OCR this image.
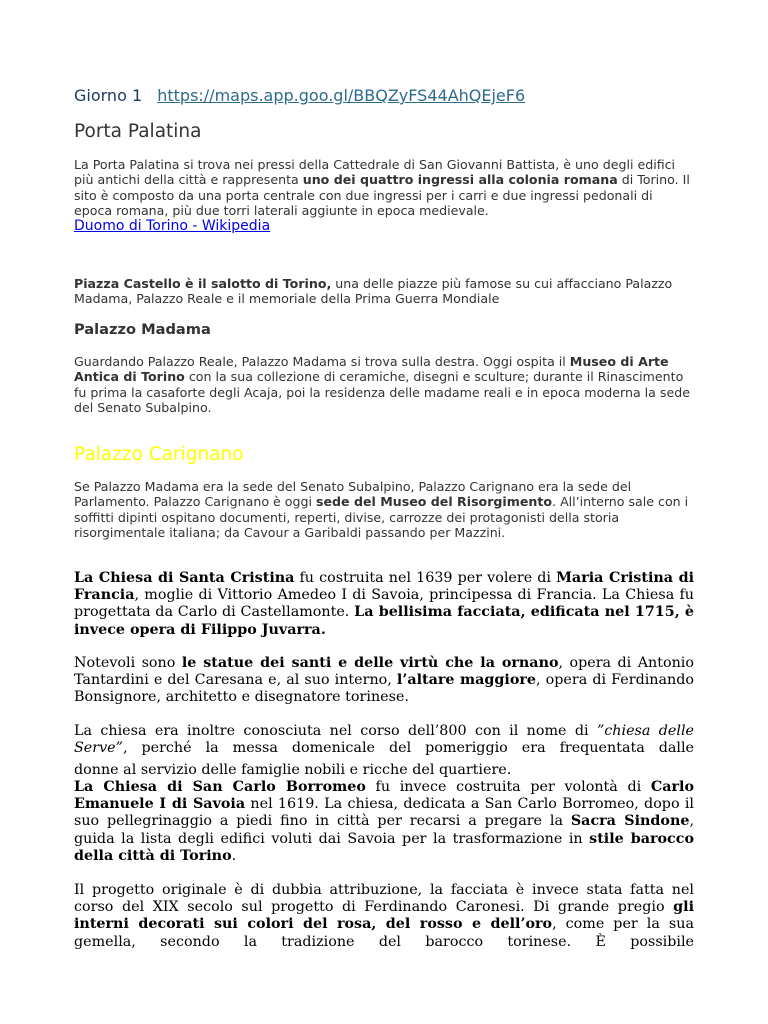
Giorno 1 https://maps.app.goo.gl/BBQZyFS44AhQEjeF6
Porta Palatina

La Porta Palatina si trova nei pressi della Cattedrale di San Giovanni Battista, è uno degli edifici più antichi della città e rappresenta uno dei quattro ingressi alla colonia romana di Torino. Il sito è composto da una porta centrale con due ingressi per i carri e due ingressi pedonali di epoca romana, più due torri laterali aggiunte in epoca medievale.

Duomo di Torino - Wikipedia

Piazza Castello è il salotto di Torino, una delle piazze più famose su cui affacciano Palazzo Madama, Palazzo Reale e il memoriale della Prima Guerra Mondiale

Palazzo Madama

Guardando Palazzo Reale, Palazzo Madama si trova sulla destra. Oggi ospita il Museo di Arte Antica di Torino con la sua collezione di ceramiche, disegni e sculture; durante il Rinascimento fu prima la casaforte degli Acaja, poi la residenza delle madame reali e in epoca moderna la sede del Senato Subalpino.

Palazzo Carignano

Se Palazzo Madama era la sede del Senato Subalpino, Palazzo Carignano era la sede del Parlamento. Palazzo Carignano è oggi sede del Museo del Risorgimento. All’interno sale con i soffitti dipinti ospitano documenti, reperti, divise, carrozze dei protagonisti della storia risorgimentale italiana; da Cavour a Garibaldi passando per Mazzini.

La Chiesa di Santa Cristina fu costruita nel 1639 per volere di Maria Cristina di Francia, moglie di Vittorio Amedeo I di Savoia, principessa di Francia. La Chiesa fu progettata da Carlo di Castellamonte. La bellisima facciata, edificata nel 1715, è invece opera di Filippo Juvarra.

Notevoli sono le statue dei santi e delle virtù che la ornano, opera di Antonio Tantardini e del Caresana e, al suo interno, l’altare maggiore, opera di Ferdinando Bonsignore, architetto e disegnatore torinese.

La chiesa era inoltre conosciuta nel corso dell’800 con il nome di ”chiesa delle Serve”, perché la messa domenicale del pomeriggio era frequentata dalle

donne al servizio delle famiglie nobili e ricche del quartiere.

La Chiesa di San Carlo Borromeo fu invece costruita per volontà di Carlo Emanuele I di Savoia nel 1619. La chiesa, dedicata a San Carlo Borromeo, dopo il suo pellegrinaggio a piedi fino in città per recarsi a pregare la Sacra Sindone, guida la lista degli edifici voluti dai Savoia per la trasformazione in stile barocco della città di Torino.

Il progetto originale è di dubbia attribuzione, la facciata è invece stata fatta nel corso del XIX secolo sul progetto di Ferdinando Caronesi. Di grande pregio gli interni decorati sui colori del rosa, del rosso e dell’oro, come per la sua gemella, secondo la tradizione del barocco torinese. È possibile
